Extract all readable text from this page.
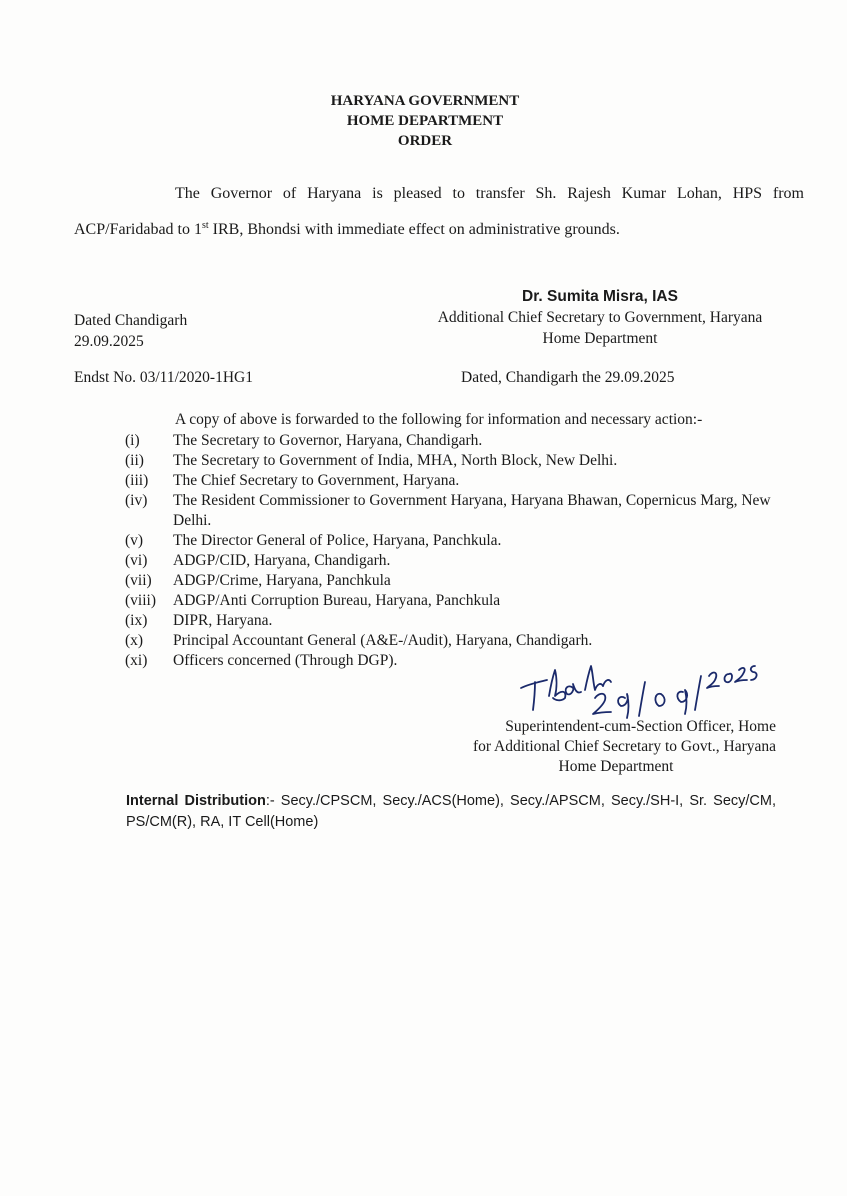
HARYANA GOVERNMENT
HOME DEPARTMENT
ORDER
The Governor of Haryana is pleased to transfer Sh. Rajesh Kumar Lohan, HPS from
ACP/Faridabad to 1st IRB, Bhondsi with immediate effect on administrative grounds.
Dr. Sumita Misra, IAS
Additional Chief Secretary to Government, Haryana
Home Department
Dated Chandigarh
29.09.2025
Endst No. 03/11/2020-1HG1	Dated, Chandigarh the 29.09.2025
A copy of above is forwarded to the following for information and necessary action:-
(i)	The Secretary to Governor, Haryana, Chandigarh.
(ii)	The Secretary to Government of India, MHA, North Block, New Delhi.
(iii)	The Chief Secretary to Government, Haryana.
(iv)	The Resident Commissioner to Government Haryana, Haryana Bhawan, Copernicus Marg, New Delhi.
(v)	The Director General of Police, Haryana, Panchkula.
(vi)	ADGP/CID, Haryana, Chandigarh.
(vii)	ADGP/Crime, Haryana, Panchkula
(viii)	ADGP/Anti Corruption Bureau, Haryana, Panchkula
(ix)	DIPR, Haryana.
(x)	Principal Accountant General (A&E-/Audit), Haryana, Chandigarh.
(xi)	Officers concerned (Through DGP).
Superintendent-cum-Section Officer, Home
for Additional Chief Secretary to Govt., Haryana
Home Department
Internal Distribution:- Secy./CPSCM, Secy./ACS(Home), Secy./APSCM, Secy./SH-I, Sr. Secy/CM, PS/CM(R), RA, IT Cell(Home)
